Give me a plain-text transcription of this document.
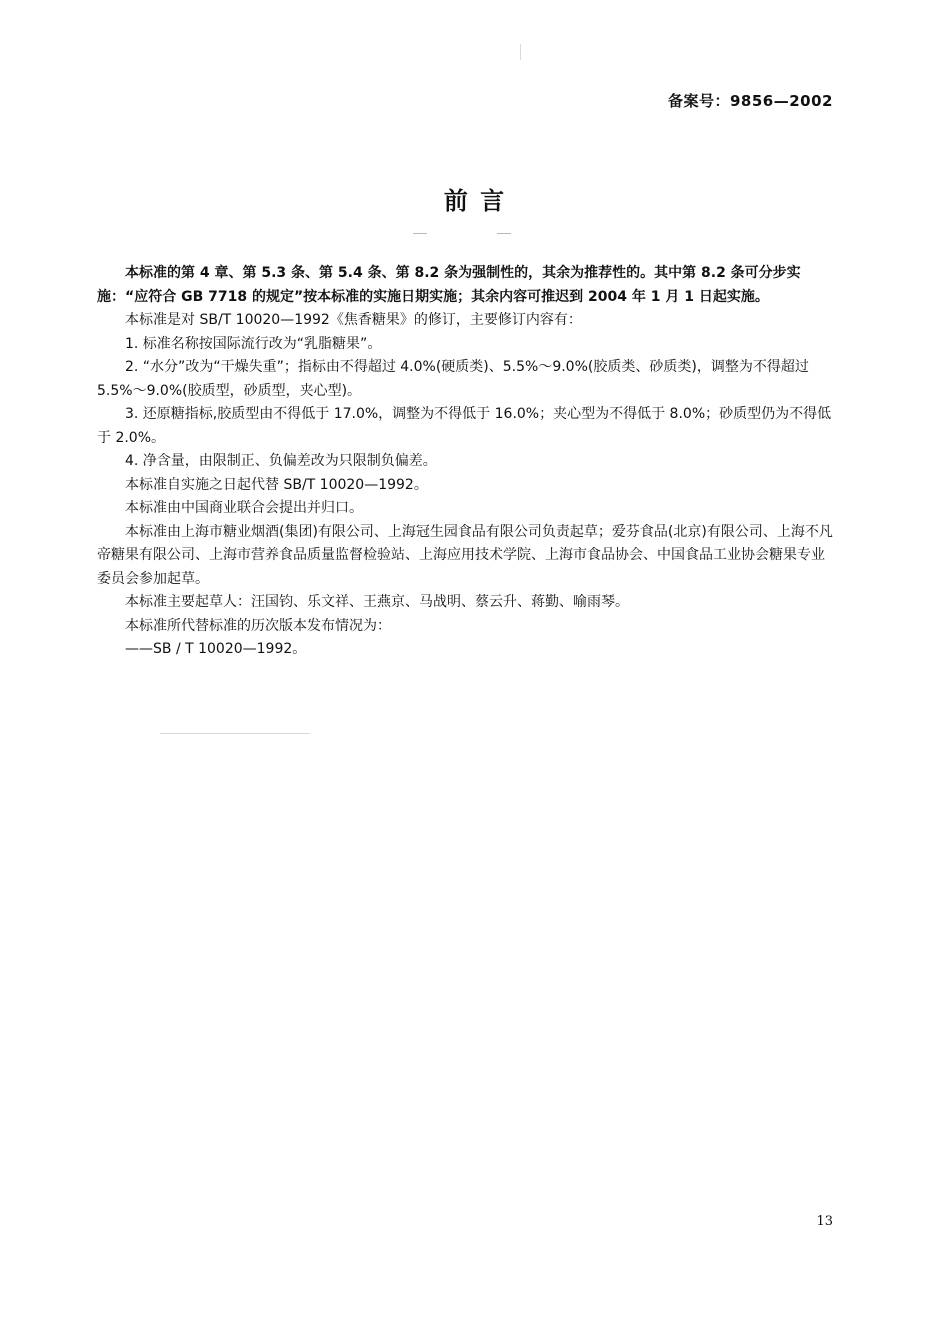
备案号：9856—2002
前 言

本标准的第 4 章、第 5.3 条、第 5.4 条、第 8.2 条为强制性的，其余为推荐性的。其中第 8.2 条可分步实施：“应符合 GB 7718 的规定”按本标准的实施日期实施；其余内容可推迟到 2004 年 1 月 1 日起实施。

本标准是对 SB/T 10020—1992《焦香糖果》的修订，主要修订内容有：

1. 标准名称按国际流行改为“乳脂糖果”。

2. “水分”改为“干燥失重”；指标由不得超过 4.0%(硬质类)、5.5%～9.0%(胶质类、砂质类)，调整为不得超过 5.5%～9.0%(胶质型，砂质型，夹心型)。

3. 还原糖指标,胶质型由不得低于 17.0%，调整为不得低于 16.0%；夹心型为不得低于 8.0%；砂质型仍为不得低于 2.0%。

4. 净含量，由限制正、负偏差改为只限制负偏差。

本标准自实施之日起代替 SB/T 10020—1992。

本标准由中国商业联合会提出并归口。

本标准由上海市糖业烟酒(集团)有限公司、上海冠生园食品有限公司负责起草；爱芬食品(北京)有限公司、上海不凡帝糖果有限公司、上海市营养食品质量监督检验站、上海应用技术学院、上海市食品协会、中国食品工业协会糖果专业委员会参加起草。

本标准主要起草人：汪国钧、乐文祥、王燕京、马战明、蔡云升、蒋勤、喻雨琴。

本标准所代替标准的历次版本发布情况为：

——SB / T 10020—1992。

13
